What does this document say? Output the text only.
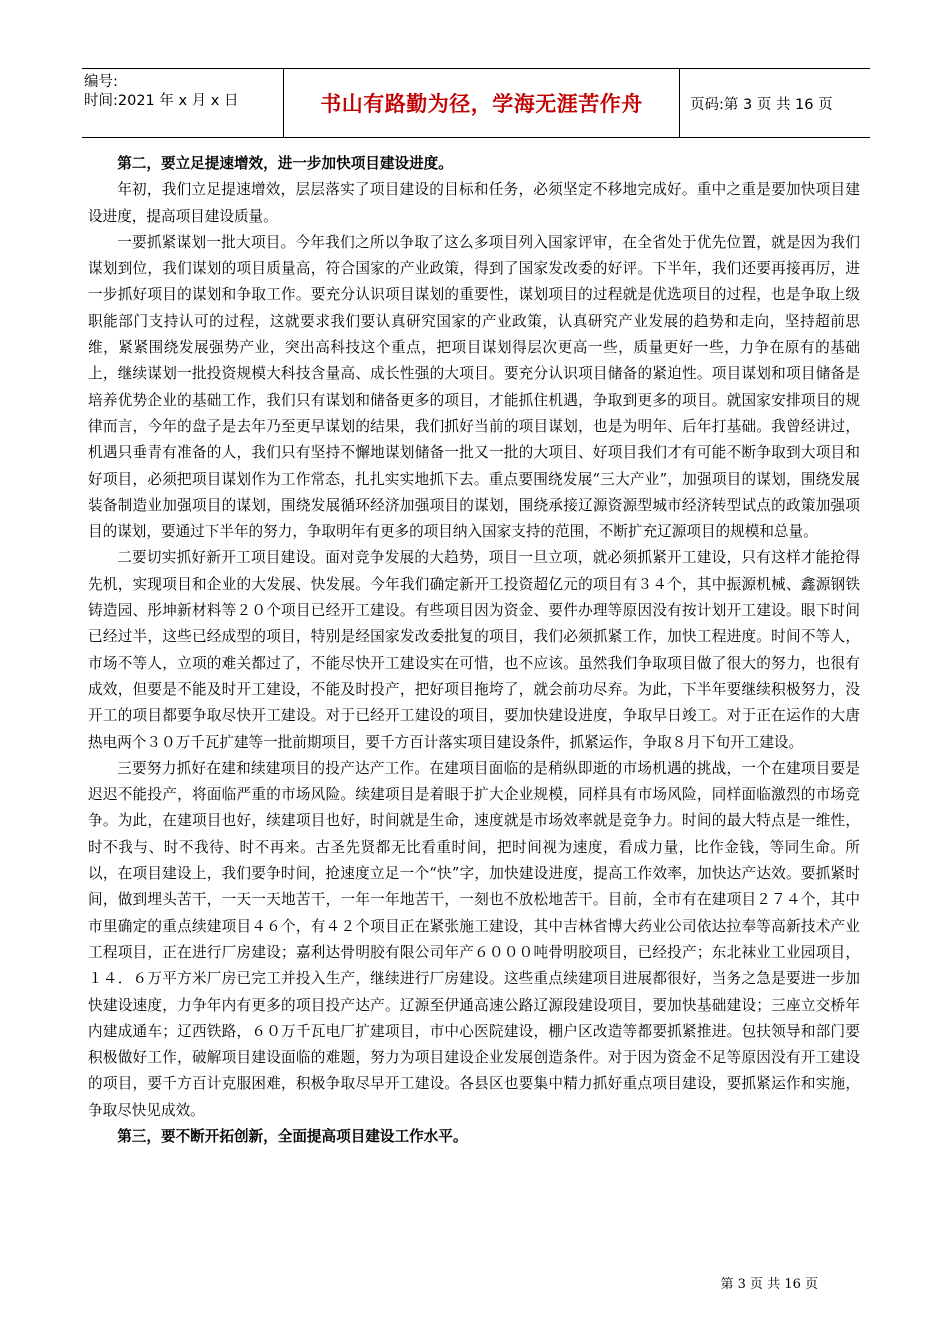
编号:
时间:2021 年 x 月 x 日	书山有路勤为径，学海无涯苦作舟	页码:第 3 页 共 16 页

第二，要立足提速增效，进一步加快项目建设进度。

年初，我们立足提速增效，层层落实了项目建设的目标和任务，必须坚定不移地完成好。重中之重是要加快项目建设进度，提高项目建设质量。

一要抓紧谋划一批大项目。今年我们之所以争取了这么多项目列入国家评审，在全省处于优先位置，就是因为我们谋划到位，我们谋划的项目质量高，符合国家的产业政策，得到了国家发改委的好评。下半年，我们还要再接再厉，进一步抓好项目的谋划和争取工作。要充分认识项目谋划的重要性，谋划项目的过程就是优选项目的过程，也是争取上级职能部门支持认可的过程，这就要求我们要认真研究国家的产业政策，认真研究产业发展的趋势和走向，坚持超前思维，紧紧围绕发展强势产业，突出高科技这个重点，把项目谋划得层次更高一些，质量更好一些，力争在原有的基础上，继续谋划一批投资规模大科技含量高、成长性强的大项目。要充分认识项目储备的紧迫性。项目谋划和项目储备是培养优势企业的基础工作，我们只有谋划和储备更多的项目，才能抓住机遇，争取到更多的项目。就国家安排项目的规律而言，今年的盘子是去年乃至更早谋划的结果，我们抓好当前的项目谋划，也是为明年、后年打基础。我曾经讲过，机遇只垂青有准备的人，我们只有坚持不懈地谋划储备一批又一批的大项目、好项目我们才有可能不断争取到大项目和好项目，必须把项目谋划作为工作常态，扎扎实实地抓下去。重点要围绕发展“三大产业”，加强项目的谋划，围绕发展装备制造业加强项目的谋划，围绕发展循环经济加强项目的谋划，围绕承接辽源资源型城市经济转型试点的政策加强项目的谋划，要通过下半年的努力，争取明年有更多的项目纳入国家支持的范围，不断扩充辽源项目的规模和总量。

二要切实抓好新开工项目建设。面对竞争发展的大趋势，项目一旦立项，就必须抓紧开工建设，只有这样才能抢得先机，实现项目和企业的大发展、快发展。今年我们确定新开工投资超亿元的项目有３４个，其中振源机械、鑫源钢铁铸造园、彤坤新材料等２０个项目已经开工建设。有些项目因为资金、要件办理等原因没有按计划开工建设。眼下时间已经过半，这些已经成型的项目，特别是经国家发改委批复的项目，我们必须抓紧工作，加快工程进度。时间不等人，市场不等人，立项的难关都过了，不能尽快开工建设实在可惜，也不应该。虽然我们争取项目做了很大的努力，也很有成效，但要是不能及时开工建设，不能及时投产，把好项目拖垮了，就会前功尽弃。为此，下半年要继续积极努力，没开工的项目都要争取尽快开工建设。对于已经开工建设的项目，要加快建设进度，争取早日竣工。对于正在运作的大唐热电两个３０万千瓦扩建等一批前期项目，要千方百计落实项目建设条件，抓紧运作，争取８月下旬开工建设。

三要努力抓好在建和续建项目的投产达产工作。在建项目面临的是稍纵即逝的市场机遇的挑战，一个在建项目要是迟迟不能投产，将面临严重的市场风险。续建项目是着眼于扩大企业规模，同样具有市场风险，同样面临激烈的市场竞争。为此，在建项目也好，续建项目也好，时间就是生命，速度就是市场效率就是竞争力。时间的最大特点是一维性，时不我与、时不我待、时不再来。古圣先贤都无比看重时间，把时间视为速度，看成力量，比作金钱，等同生命。所以，在项目建设上，我们要争时间，抢速度立足一个“快”字，加快建设进度，提高工作效率，加快达产达效。要抓紧时间，做到埋头苦干，一天一天地苦干，一年一年地苦干，一刻也不放松地苦干。目前，全市有在建项目２７４个，其中市里确定的重点续建项目４６个，有４２个项目正在紧张施工建设，其中吉林省博大药业公司依达拉奉等高新技术产业工程项目，正在进行厂房建设；嘉利达骨明胶有限公司年产６０００吨骨明胶项目，已经投产；东北袜业工业园项目，１４．６万平方米厂房已完工并投入生产，继续进行厂房建设。这些重点续建项目进展都很好，当务之急是要进一步加快建设速度，力争年内有更多的项目投产达产。辽源至伊通高速公路辽源段建设项目，要加快基础建设；三座立交桥年内建成通车；辽西铁路，６０万千瓦电厂扩建项目，市中心医院建设，棚户区改造等都要抓紧推进。包扶领导和部门要积极做好工作，破解项目建设面临的难题，努力为项目建设企业发展创造条件。对于因为资金不足等原因没有开工建设的项目，要千方百计克服困难，积极争取尽早开工建设。各县区也要集中精力抓好重点项目建设，要抓紧运作和实施，争取尽快见成效。

第三，要不断开拓创新，全面提高项目建设工作水平。

第 3 页 共 16 页
